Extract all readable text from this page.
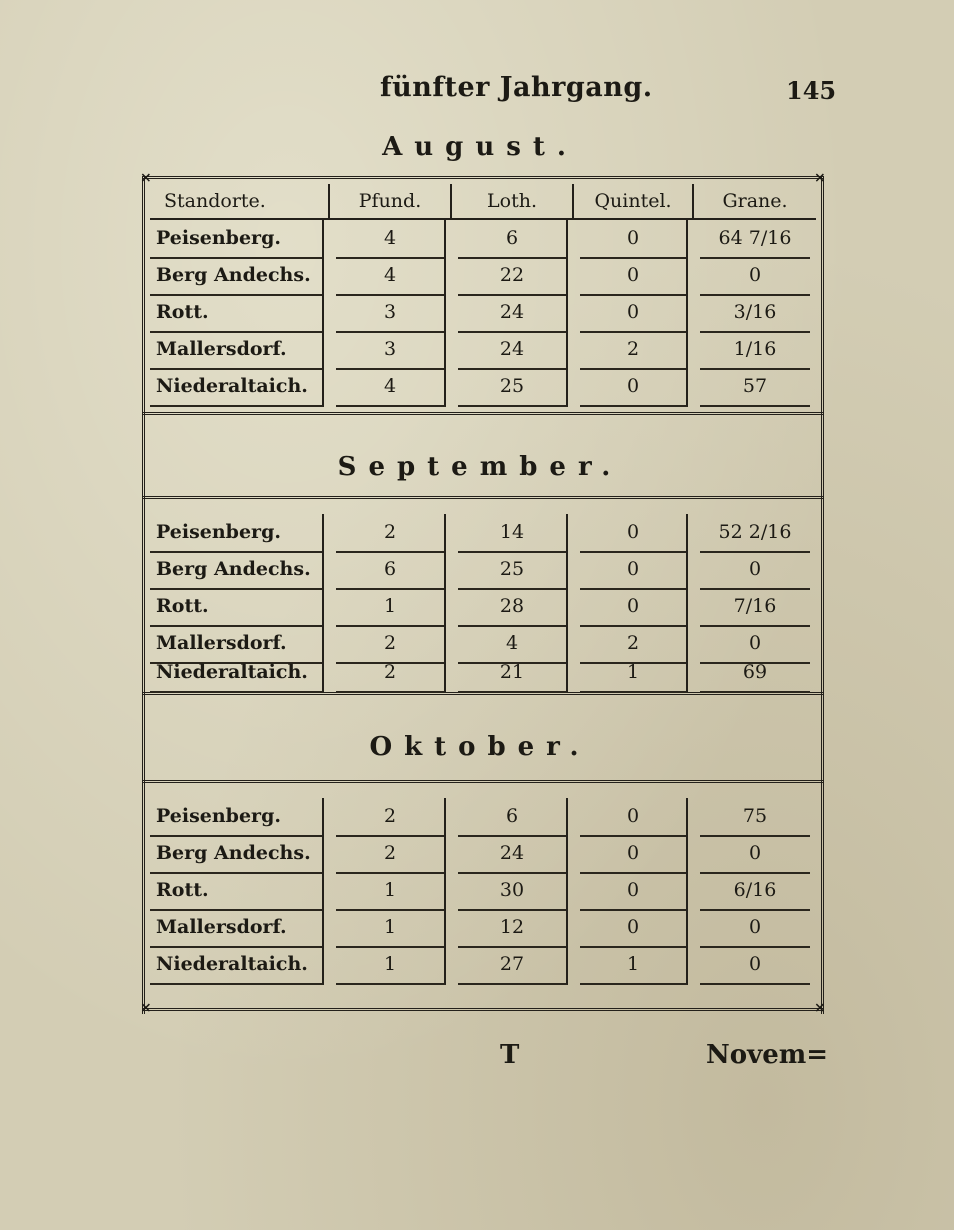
fünfter Jahrgang.	145
August.
September.
Oktober.
×	×
×	×
Standorte.	Pfund.	Loth.	Quintel.	Grane.
Peisenberg.	4	6	0	64 7/16
Berg Andechs.	4	22	0	0
Rott.	3	24	0	3/16
Mallersdorf.	3	24	2	1/16
Niederaltaich.	4	25	0	57
Peisenberg.	2	14	0	52 2/16
Berg Andechs.	6	25	0	0
Rott.	1	28	0	7/16
Mallersdorf.	2	4	2	0
Niederaltaich.	2	21	1	69
Peisenberg.	2	6	0	75
Berg Andechs.	2	24	0	0
Rott.	1	30	0	6/16
Mallersdorf.	1	12	0	0
Niederaltaich.	1	27	1	0
T	Novem=
